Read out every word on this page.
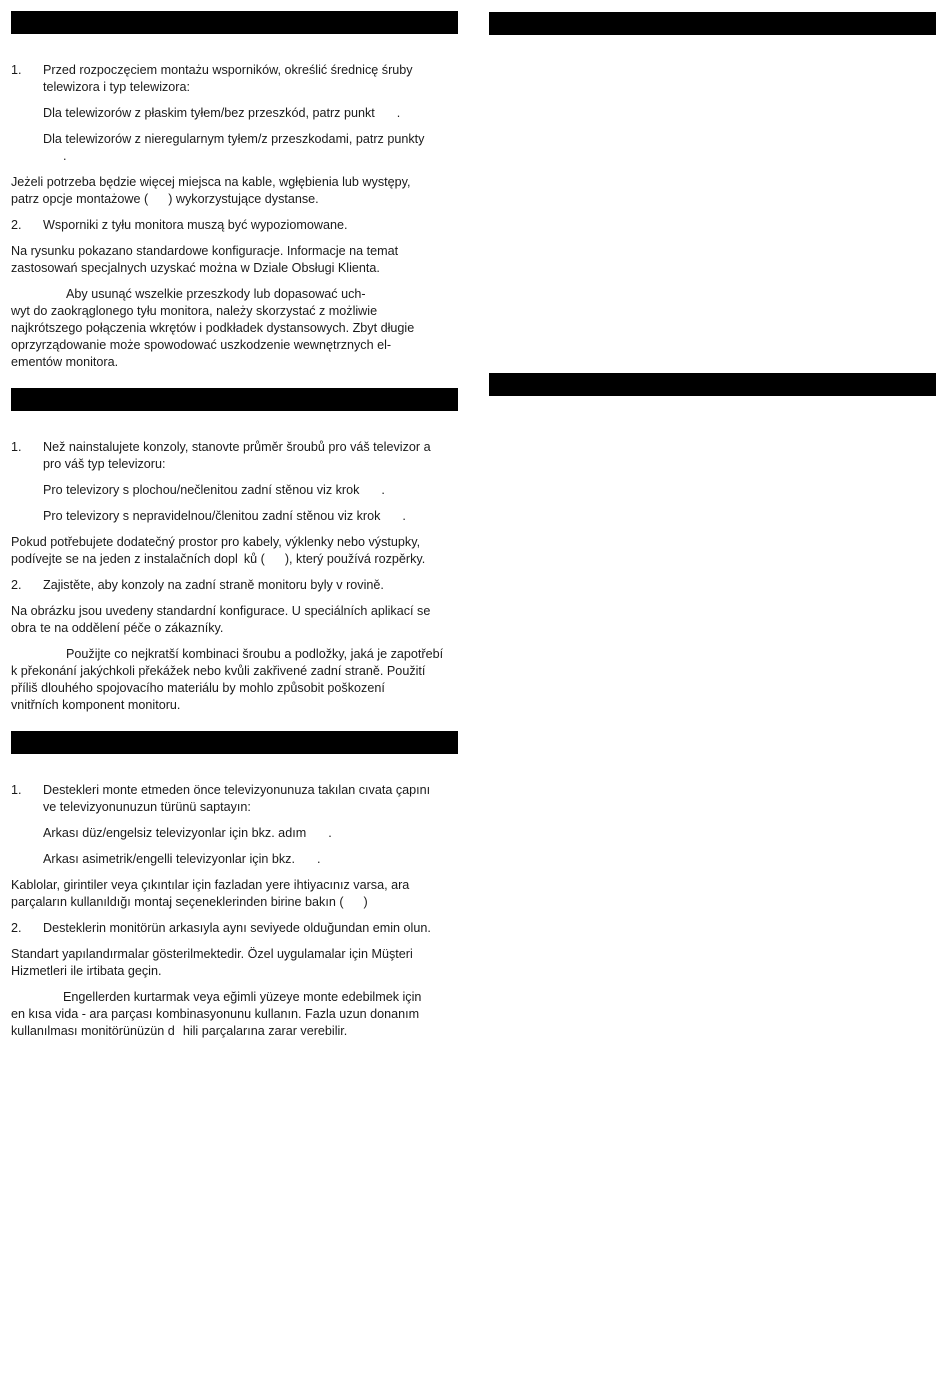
1. Przed rozpoczęciem montażu wsporników, określić średnicę śruby
telewizora i typ telewizora:
Dla telewizorów z płaskim tyłem/bez przeszkód, patrz punkt .
Dla telewizorów z nieregularnym tyłem/z przeszkodami, patrz punkty
.
Jeżeli potrzeba będzie więcej miejsca na kable, wgłębienia lub występy,
patrz opcje montażowe ( ) wykorzystujące dystanse.
2. Wsporniki z tyłu monitora muszą być wypoziomowane.
Na rysunku pokazano standardowe konfiguracje. Informacje na temat
zastosowań specjalnych uzyskać można w Dziale Obsługi Klienta.
Aby usunąć wszelkie przeszkody lub dopasować uch-
wyt do zaokrąglonego tyłu monitora, należy skorzystać z możliwie
najkrótszego połączenia wkrętów i podkładek dystansowych. Zbyt długie
oprzyrządowanie może spowodować uszkodzenie wewnętrznych el-
ementów monitora.
1. Než nainstalujete konzoly, stanovte průměr šroubů pro váš televizor a
pro váš typ televizoru:
Pro televizory s plochou/nečlenitou zadní stěnou viz krok .
Pro televizory s nepravidelnou/členitou zadní stěnou viz krok .
Pokud potřebujete dodatečný prostor pro kabely, výklenky nebo výstupky,
podívejte se na jeden z instalačních dopl ků ( ), který používá rozpěrky.
2. Zajistěte, aby konzoly na zadní straně monitoru byly v rovině.
Na obrázku jsou uvedeny standardní konfigurace. U speciálních aplikací se
obra te na oddělení péče o zákazníky.
Použijte co nejkratší kombinaci šroubu a podložky, jaká je zapotřebí
k překonání jakýchkoli překážek nebo kvůli zakřivené zadní straně. Použití
příliš dlouhého spojovacího materiálu by mohlo způsobit poškození
vnitřních komponent monitoru.
1. Destekleri monte etmeden önce televizyonunuza takılan cıvata çapını
ve televizyonunuzun türünü saptayın:
Arkası düz/engelsiz televizyonlar için bkz. adım .
Arkası asimetrik/engelli televizyonlar için bkz. .
Kablolar, girintiler veya çıkıntılar için fazladan yere ihtiyacınız varsa, ara
parçaların kullanıldığı montaj seçeneklerinden birine bakın ( )
2. Desteklerin monitörün arkasıyla aynı seviyede olduğundan emin olun.
Standart yapılandırmalar gösterilmektedir. Özel uygulamalar için Müşteri
Hizmetleri ile irtibata geçin.
Engellerden kurtarmak veya eğimli yüzeye monte edebilmek için
en kısa vida - ara parçası kombinasyonunu kullanın. Fazla uzun donanım
kullanılması monitörünüzün d hili parçalarına zarar verebilir.
